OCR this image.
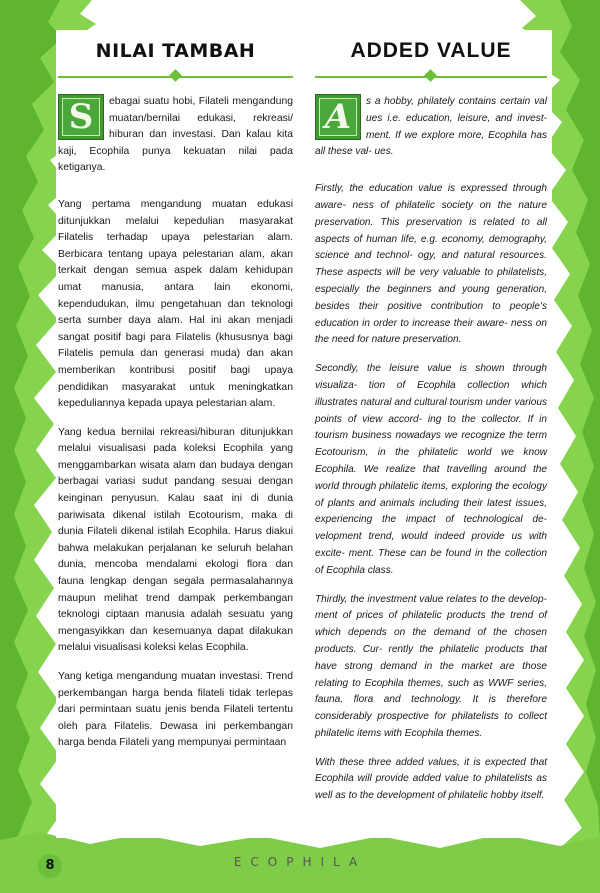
NILAI TAMBAH

S	ebagai suatu hobi, Filateli mengandung muatan/bernilai edukasi, rekreasi/ hiburan dan investasi. Dan kalau kita kaji, Ecophila punya kekuatan nilai pada ketiganya.

Yang pertama mengandung muatan edukasi ditunjukkan melalui kepedulian masyarakat Filatelis terhadap upaya pelestarian alam. Berbicara tentang upaya pelestarian alam, akan terkait dengan semua aspek dalam kehidupan umat manusia, antara lain ekonomi, kependudukan, ilmu pengetahuan dan teknologi serta sumber daya alam. Hal ini akan menjadi sangat positif bagi para Filatelis (khususnya bagi Filatelis pemula dan generasi muda) dan akan memberikan kontribusi positif bagi upaya pendidikan masyarakat untuk meningkatkan kepeduliannya kepada upaya pelestarian alam.

Yang kedua bernilai rekreasi/hiburan ditunjukkan melalui visualisasi pada koleksi Ecophila yang menggambarkan wisata alam dan budaya dengan berbagai variasi sudut pandang sesuai dengan keinginan penyusun. Kalau saat ini di dunia pariwisata dikenal istilah Ecotourism, maka di dunia Filateli dikenal istilah Ecophila. Harus diakui bahwa melakukan perjalanan ke seluruh belahan dunia, mencoba mendalami ekologi flora dan fauna lengkap dengan segala permasalahannya maupun melihat trend dampak perkembangan teknologi ciptaan manusia adalah sesuatu yang mengasyikkan dan kesemuanya dapat dilakukan melalui visualisasi koleksi kelas Ecophila.

Yang ketiga mengandung muatan investasi. Trend perkembangan harga benda filateli tidak terlepas dari permintaan suatu jenis benda Filateli tertentu oleh para Filatelis. Dewasa ini perkembangan harga benda Filateli yang mempunyai permintaan

ADDED VALUE

A	s a hobby, philately contains certain val ues i.e. education, leisure, and invest- ment. If we explore more, Ecophila has all these val- ues.

Firstly, the education value is expressed through aware- ness of philatelic society on the nature preservation. This preservation is related to all aspects of human life, e.g. economy, demography, science and technol- ogy, and natural resources. These aspects will be very valuable to philatelists, especially the beginners and young generation, besides their positive contribution to people's education in order to increase their aware- ness on the need for nature preservation.

Secondly, the leisure value is shown through visualiza- tion of Ecophila collection which illustrates natural and cultural tourism under various points of view accord- ing to the collector. If in tourism business nowadays we recognize the term Ecotourism, in the philatelic world we know Ecophila. We realize that travelling around the world through philatelic items, exploring the ecology of plants and animals including their latest issues, experiencing the impact of technological de- velopment trend, would indeed provide us with excite- ment. These can be found in the collection of Ecophila class.

Thirdly, the investment value relates to the develop- ment of prices of philatelic products the trend of which depends on the demand of the chosen products. Cur- rently the philatelic products that have strong demand in the market are those relating to Ecophila themes, such as WWF series, fauna, flora and technology. It is therefore considerably prospective for philatelists to collect philatelic items with Ecophila themes.

With these three added values, it is expected that Ecophila will provide added value to philatelists as well as to the development of philatelic hobby itself.

8	ECOPHILA
